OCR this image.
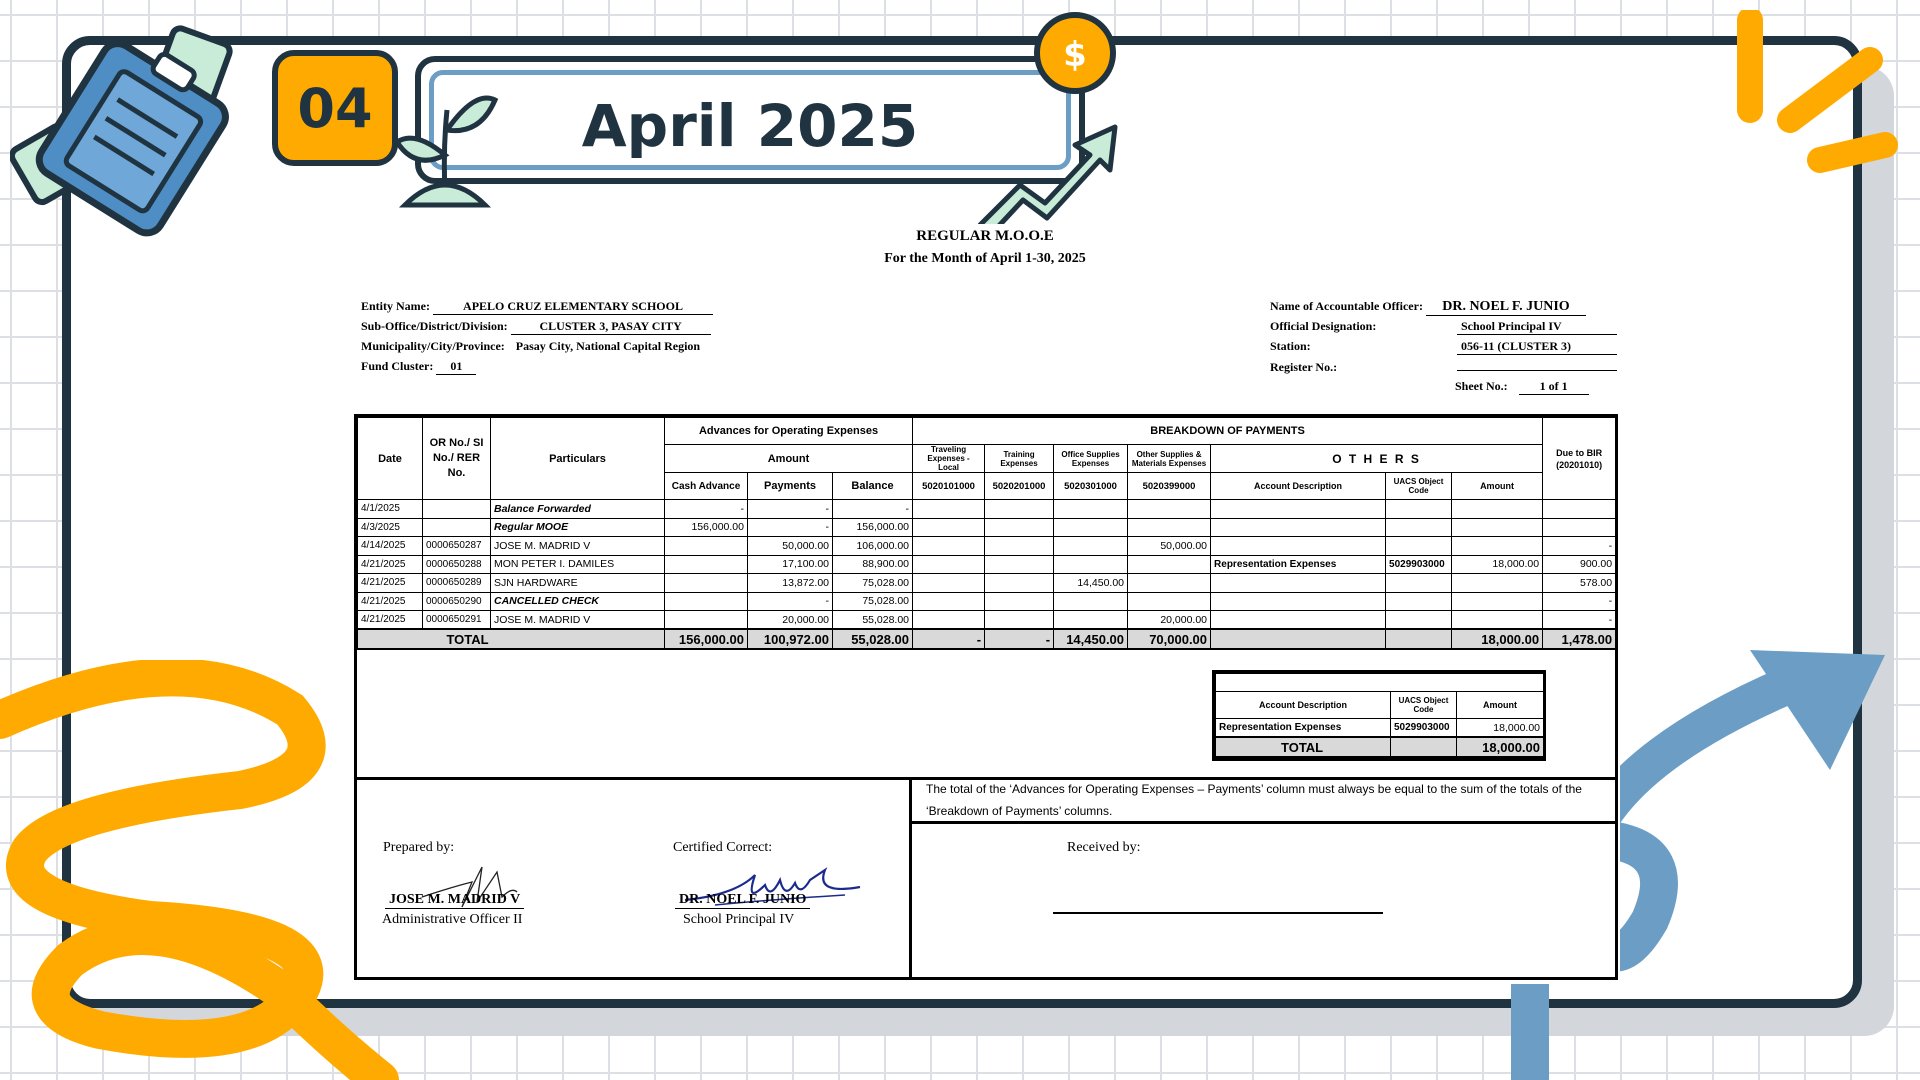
04	April 2025
$
REGULAR M.O.O.E
For the Month of April 1-30, 2025
Entity Name:	APELO CRUZ ELEMENTARY SCHOOL
Sub-Office/District/Division:	CLUSTER 3, PASAY CITY
Municipality/City/Province: Pasay City, National Capital Region
Fund Cluster: 01
Name of Accountable Officer: DR. NOEL F. JUNIO
Official Designation:	School Principal IV
Station:	056-11 (CLUSTER 3)
Register No.:
Sheet No.:	1 of 1
Date	OR No./ SI No./ RER No.	Particulars	Advances for Operating Expenses			BREAKDOWN OF PAYMENTS							Due to BIR (20201010)
			Amount			Traveling Expenses - Local	Training Expenses	Office Supplies Expenses	Other Supplies & Materials Expenses	O T H E R S			
			Cash Advance	Payments	Balance	5020101000	5020201000	5020301000	5020399000	Account Description	UACS Object Code	Amount	
4/1/2025		Balance Forwarded	-	-	-								
4/3/2025		Regular MOOE	156,000.00	-	156,000.00								
4/14/2025	0000650287	JOSE M. MADRID V		50,000.00	106,000.00				50,000.00				-
4/21/2025	0000650288	MON PETER I. DAMILES		17,100.00	88,900.00					Representation Expenses	5029903000	18,000.00	900.00
4/21/2025	0000650289	SJN HARDWARE		13,872.00	75,028.00			14,450.00					578.00
4/21/2025	0000650290	CANCELLED CHECK		-	75,028.00								-
4/21/2025	0000650291	JOSE M. MADRID V		20,000.00	55,028.00				20,000.00				-
TOTAL			156,000.00	100,972.00	55,028.00	-	-	14,450.00	70,000.00			18,000.00	1,478.00

Account Description	UACS Object Code	Amount
Representation Expenses	5029903000	18,000.00
TOTAL		18,000.00
The total of the ‘Advances for Operating Expenses – Payments’ column must always be equal to the sum of the totals of the ‘Breakdown of Payments’ columns.
Prepared by:
JOSE M. MADRID V
Administrative Officer II
Certified Correct:
DR. NOEL F. JUNIO
School Principal IV
Received by:
